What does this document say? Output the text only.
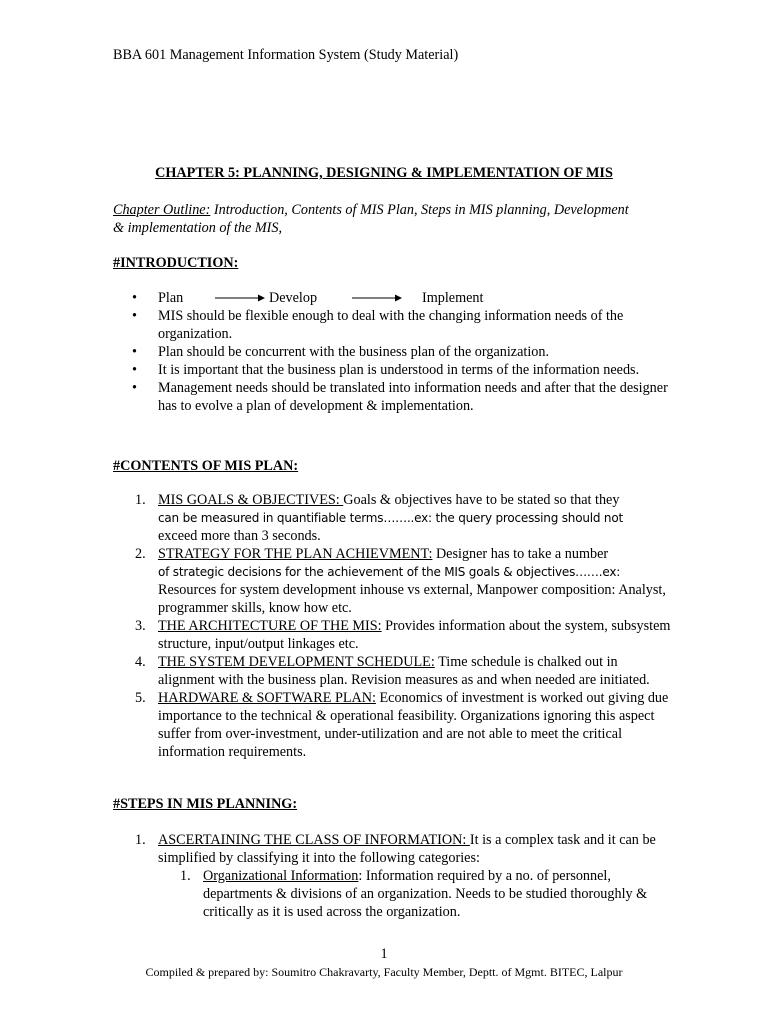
BBA 601 Management Information System (Study Material)
CHAPTER 5: PLANNING, DESIGNING & IMPLEMENTATION OF MIS
Chapter Outline: Introduction, Contents of MIS Plan, Steps in MIS planning, Development & implementation of the MIS,
#INTRODUCTION:
• Plan	Develop	Implement
• MIS should be flexible enough to deal with the changing information needs of the organization.
• Plan should be concurrent with the business plan of the organization.
• It is important that the business plan is understood in terms of the information needs.
• Management needs should be translated into information needs and after that the designer has to evolve a plan of development & implementation.
#CONTENTS OF MIS PLAN:
1. MIS GOALS & OBJECTIVES: Goals & objectives have to be stated so that they
can be measured in quantifiable terms……..ex: the query processing should not
exceed more than 3 seconds.
2. STRATEGY FOR THE PLAN ACHIEVMENT: Designer has to take a number
of strategic decisions for the achievement of the MIS goals & objectives…….ex:
Resources for system development inhouse vs external, Manpower composition: Analyst, programmer skills, know how etc.
3. THE ARCHITECTURE OF THE MIS: Provides information about the system, subsystem structure, input/output linkages etc.
4. THE SYSTEM DEVELOPMENT SCHEDULE: Time schedule is chalked out in alignment with the business plan. Revision measures as and when needed are initiated.
5. HARDWARE & SOFTWARE PLAN: Economics of investment is worked out giving due importance to the technical & operational feasibility. Organizations ignoring this aspect suffer from over-investment, under-utilization and are not able to meet the critical information requirements.
#STEPS IN MIS PLANNING:
1. ASCERTAINING THE CLASS OF INFORMATION: It is a complex task and it can be simplified by classifying it into the following categories:
1. Organizational Information: Information required by a no. of personnel, departments & divisions of an organization. Needs to be studied thoroughly & critically as it is used across the organization.
1
Compiled & prepared by: Soumitro Chakravarty, Faculty Member, Deptt. of Mgmt. BITEC, Lalpur
